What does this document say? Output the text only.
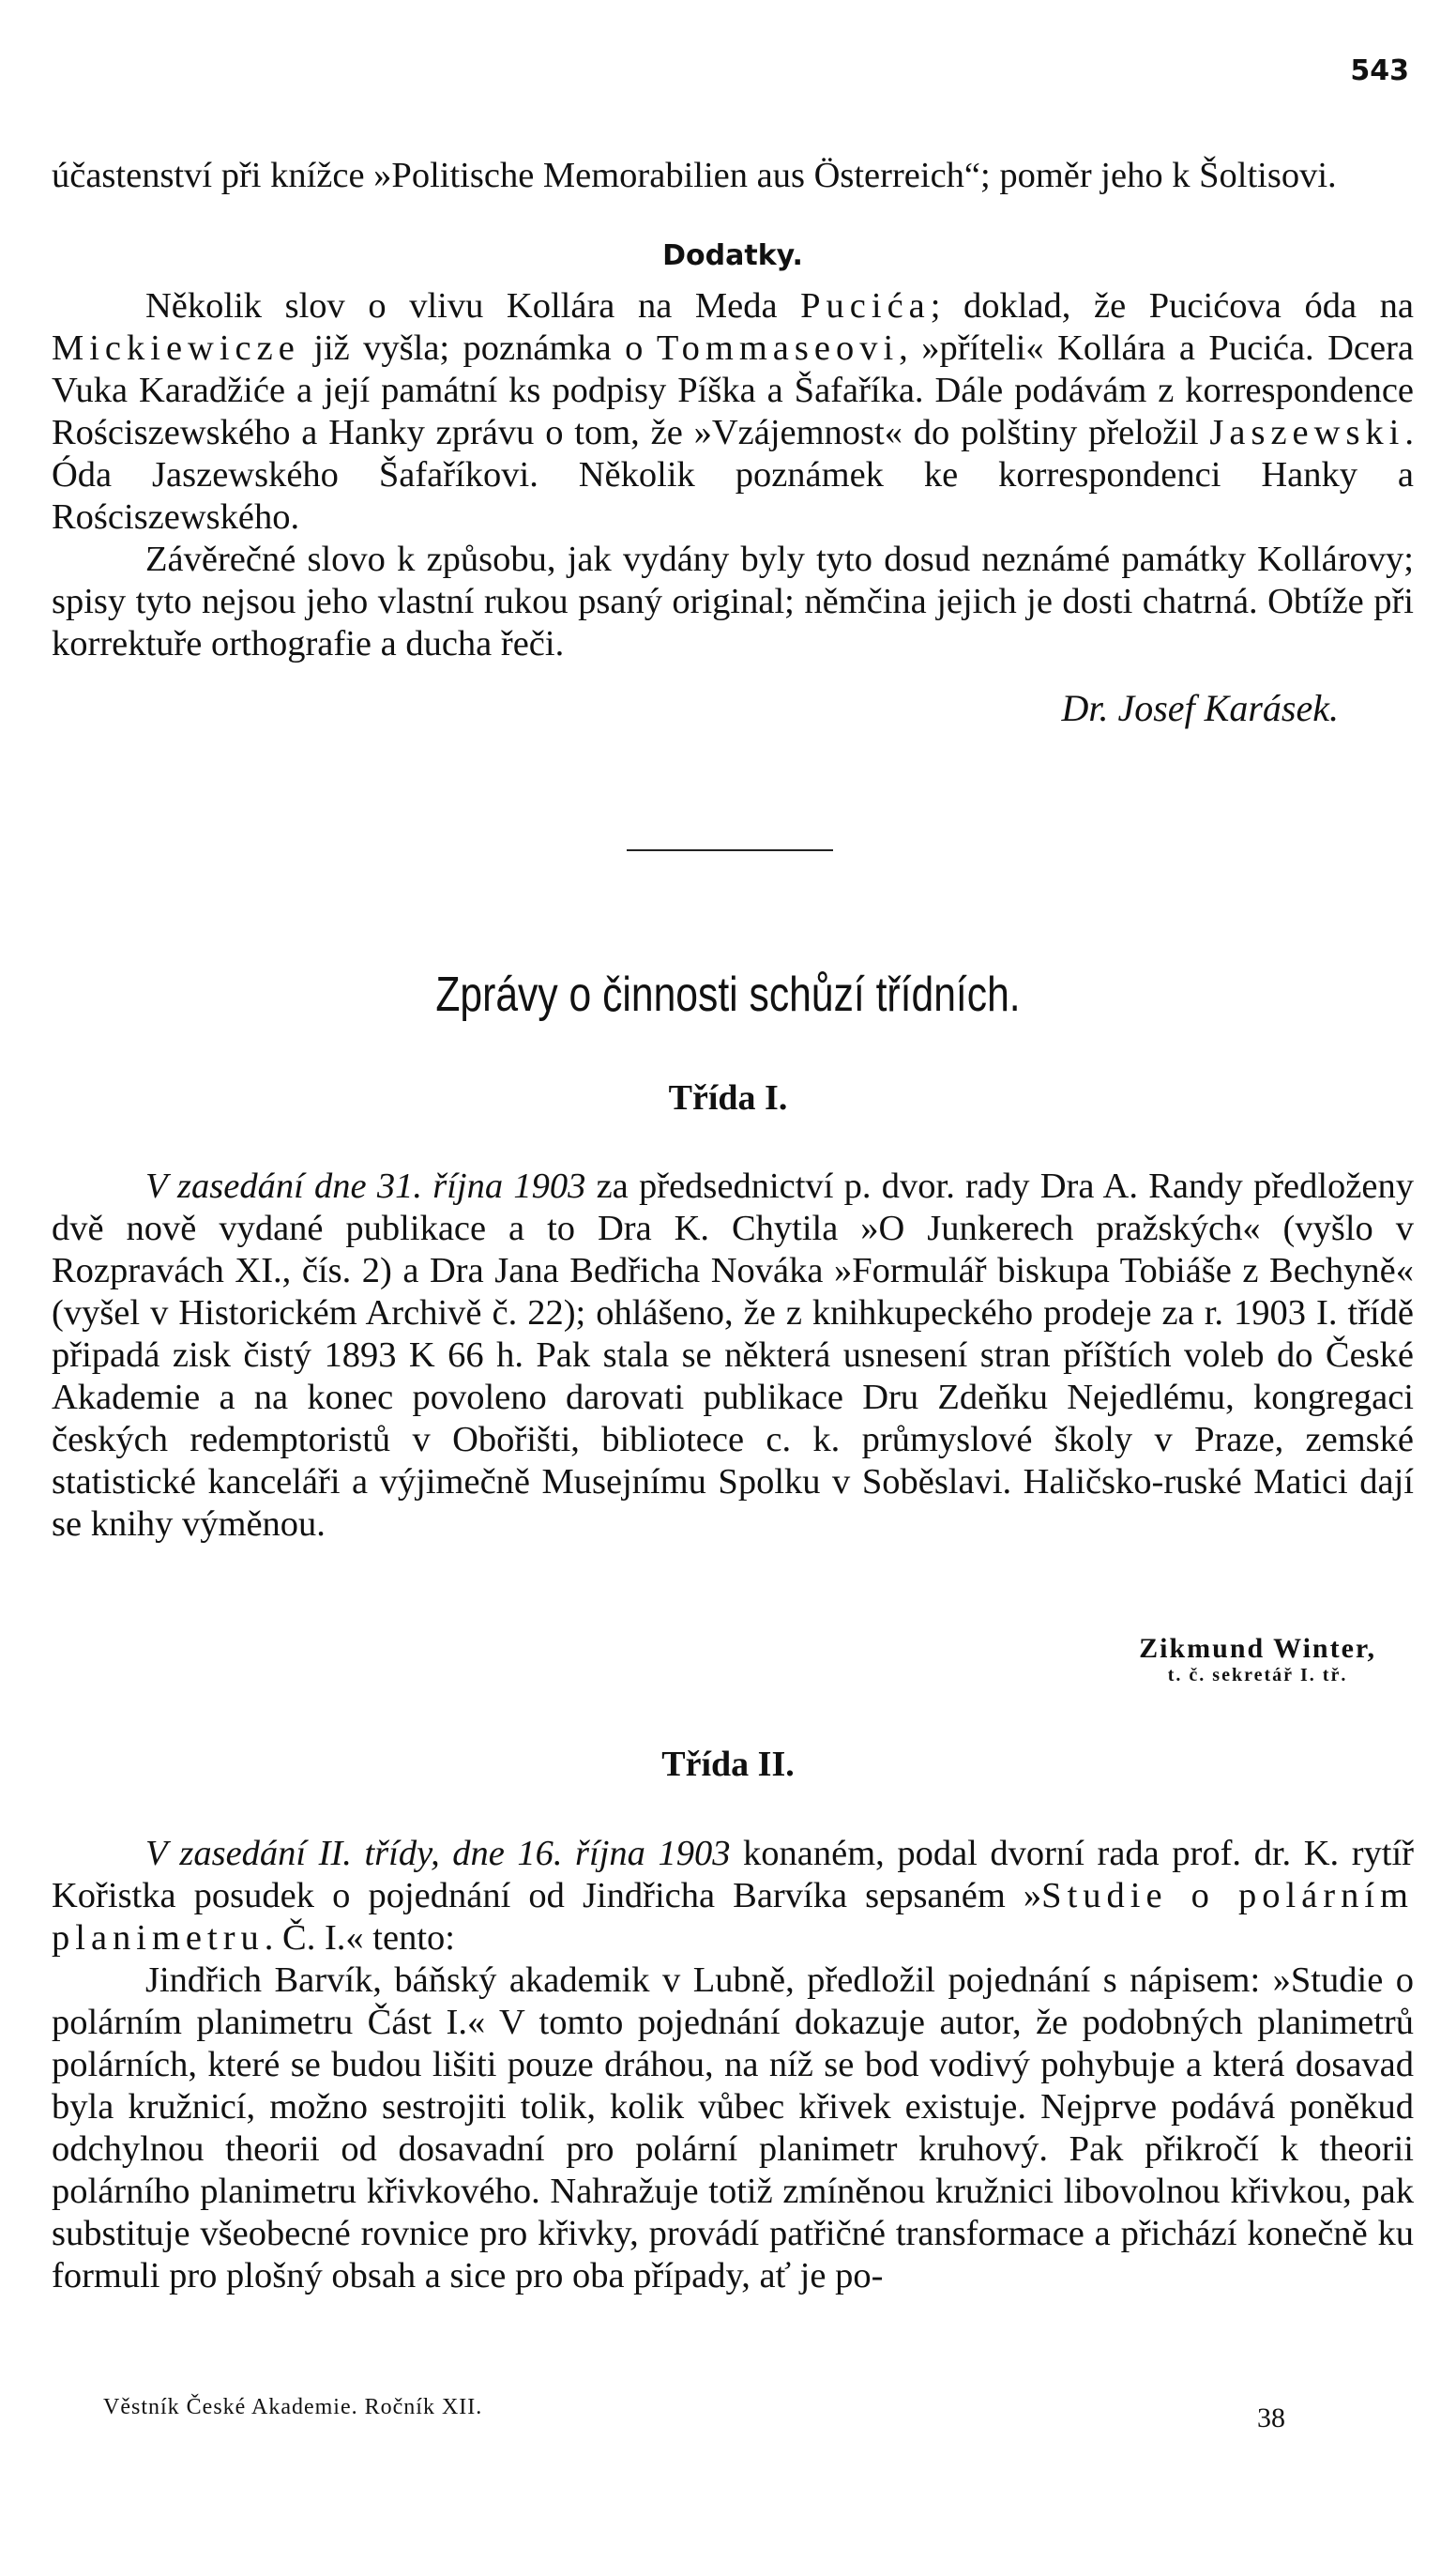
543

účastenství při knížce »Politische Memorabilien aus Österreich“; poměr jeho k Šoltisovi.

Dodatky.

Několik slov o vlivu Kollára na Meda Pucića; doklad, že Pucićova óda na Mickiewicze již vyšla; poznámka o Tommaseovi, »příteli« Kollára a Pucića. Dcera Vuka Karadžiće a její památní ks podpisy Píška a Šafaříka. Dále podávám z korrespondence Rościszewského a Hanky zprávu o tom, že »Vzájemnost« do polštiny přeložil Jaszewski. Óda Jaszewského Šafaříkovi. Několik poznámek ke korrespondenci Hanky a Rościszewského.

Závěrečné slovo k způsobu, jak vydány byly tyto dosud neznámé památky Kollárovy; spisy tyto nejsou jeho vlastní rukou psaný original; němčina jejich je dosti chatrná. Obtíže při korrektuře orthografie a ducha řeči.

Dr. Josef Karásek.

Zprávy o činnosti schůzí třídních.
Třída I.

V zasedání dne 31. října 1903 za předsednictví p. dvor. rady Dra A. Randy předloženy dvě nově vydané publikace a to Dra K. Chytila »O Junkerech pražských« (vyšlo v Rozpravách XI., čís. 2) a Dra Jana Bedřicha Nováka »Formulář biskupa Tobiáše z Bechyně« (vyšel v Historickém Archivě č. 22); ohlášeno, že z knihkupeckého prodeje za r. 1903 I. třídě připadá zisk čistý 1893 K 66 h. Pak stala se některá usnesení stran příštích voleb do České Akademie a na konec povoleno darovati publikace Dru Zdeňku Nejedlému, kongregaci českých redemptoristů v Obořišti, bibliotece c. k. průmyslové školy v Praze, zemské statistické kanceláři a výjimečně Musejnímu Spolku v Soběslavi. Haličsko-ruské Matici dají se knihy výměnou.

Zikmund Winter,
t. č. sekretář I. tř.
Třída II.

V zasedání II. třídy, dne 16. října 1903 konaném, podal dvorní rada prof. dr. K. rytíř Kořistka posudek o pojednání od Jindřicha Barvíka sepsaném »Studie o polárním planimetru. Č. I.« tento:

Jindřich Barvík, báňský akademik v Lubně, předložil pojednání s nápisem: »Studie o polárním planimetru Část I.« V tomto pojednání dokazuje autor, že podobných planimetrů polárních, které se budou lišiti pouze dráhou, na níž se bod vodivý pohybuje a která dosavad byla kružnicí, možno sestrojiti tolik, kolik vůbec křivek existuje. Nejprve podává poněkud odchylnou theorii od dosavadní pro polární planimetr kruhový. Pak přikročí k theorii polárního planimetru křivkového. Nahražuje totiž zmíněnou kružnici libovolnou křivkou, pak substituje všeobecné rovnice pro křivky, provádí patřičné transformace a přichází konečně ku formuli pro plošný obsah a sice pro oba případy, ať je po-

Věstník České Akademie. Ročník XII.	38
